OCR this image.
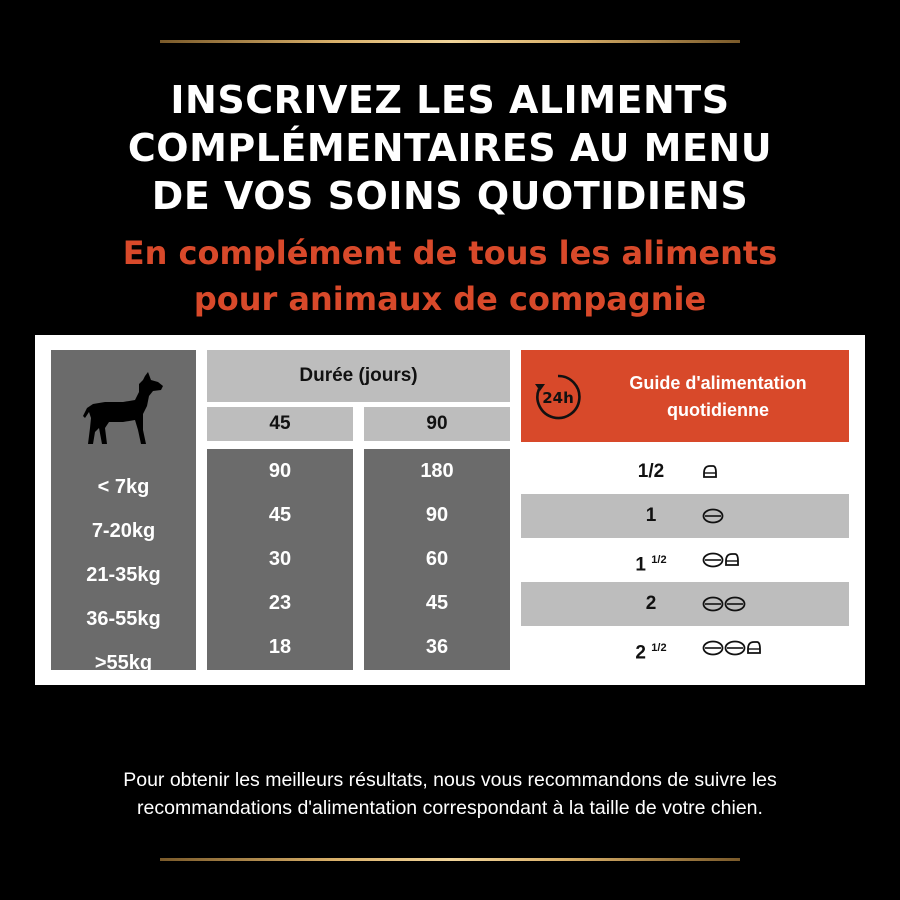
INSCRIVEZ LES ALIMENTS
COMPLÉMENTAIRES AU MENU
DE VOS SOINS QUOTIDIENS
En complément de tous les aliments
pour animaux de compagnie
< 7kg
7-20kg
21-35kg
36-55kg
>55kg
Durée (jours)
45	90
90
45
30
23
18
180
90
60
45
36
24h
Guide d'alimentation
quotidienne
1/2
1
1 $^{1/2}$
2
2 $^{1/2}$
Pour obtenir les meilleurs résultats, nous vous recommandons de suivre les
recommandations d'alimentation correspondant à la taille de votre chien.
